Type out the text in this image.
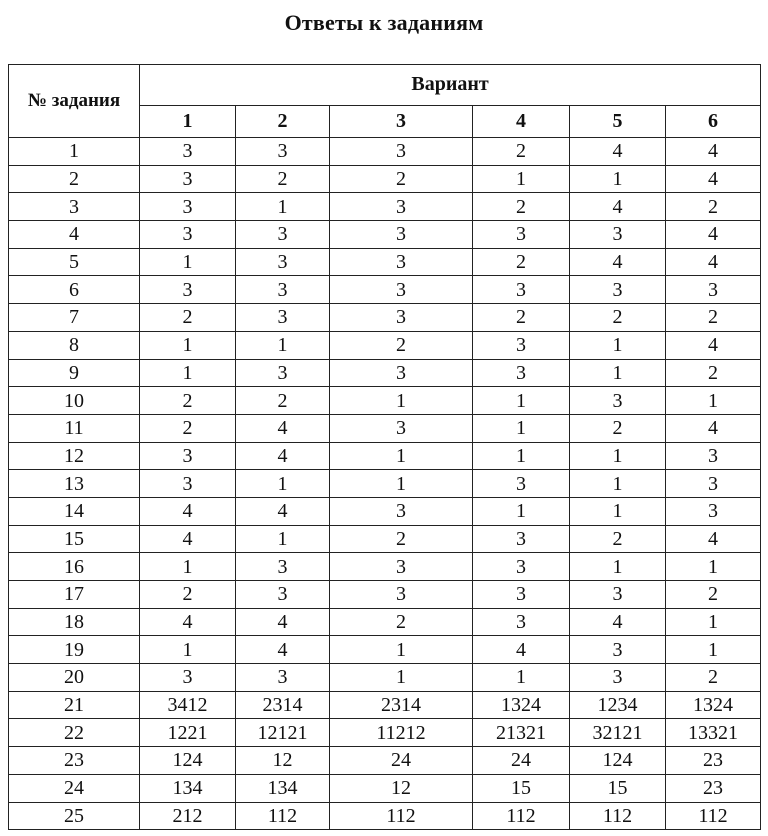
Ответы к заданиям
№ задания	Вариант					
	1	2	3	4	5	6
1	3	3	3	2	4	4
2	3	2	2	1	1	4
3	3	1	3	2	4	2
4	3	3	3	3	3	4
5	1	3	3	2	4	4
6	3	3	3	3	3	3
7	2	3	3	2	2	2
8	1	1	2	3	1	4
9	1	3	3	3	1	2
10	2	2	1	1	3	1
11	2	4	3	1	2	4
12	3	4	1	1	1	3
13	3	1	1	3	1	3
14	4	4	3	1	1	3
15	4	1	2	3	2	4
16	1	3	3	3	1	1
17	2	3	3	3	3	2
18	4	4	2	3	4	1
19	1	4	1	4	3	1
20	3	3	1	1	3	2
21	3412	2314	2314	1324	1234	1324
22	1221	12121	11212	21321	32121	13321
23	124	12	24	24	124	23
24	134	134	12	15	15	23
25	212	112	112	112	112	112
